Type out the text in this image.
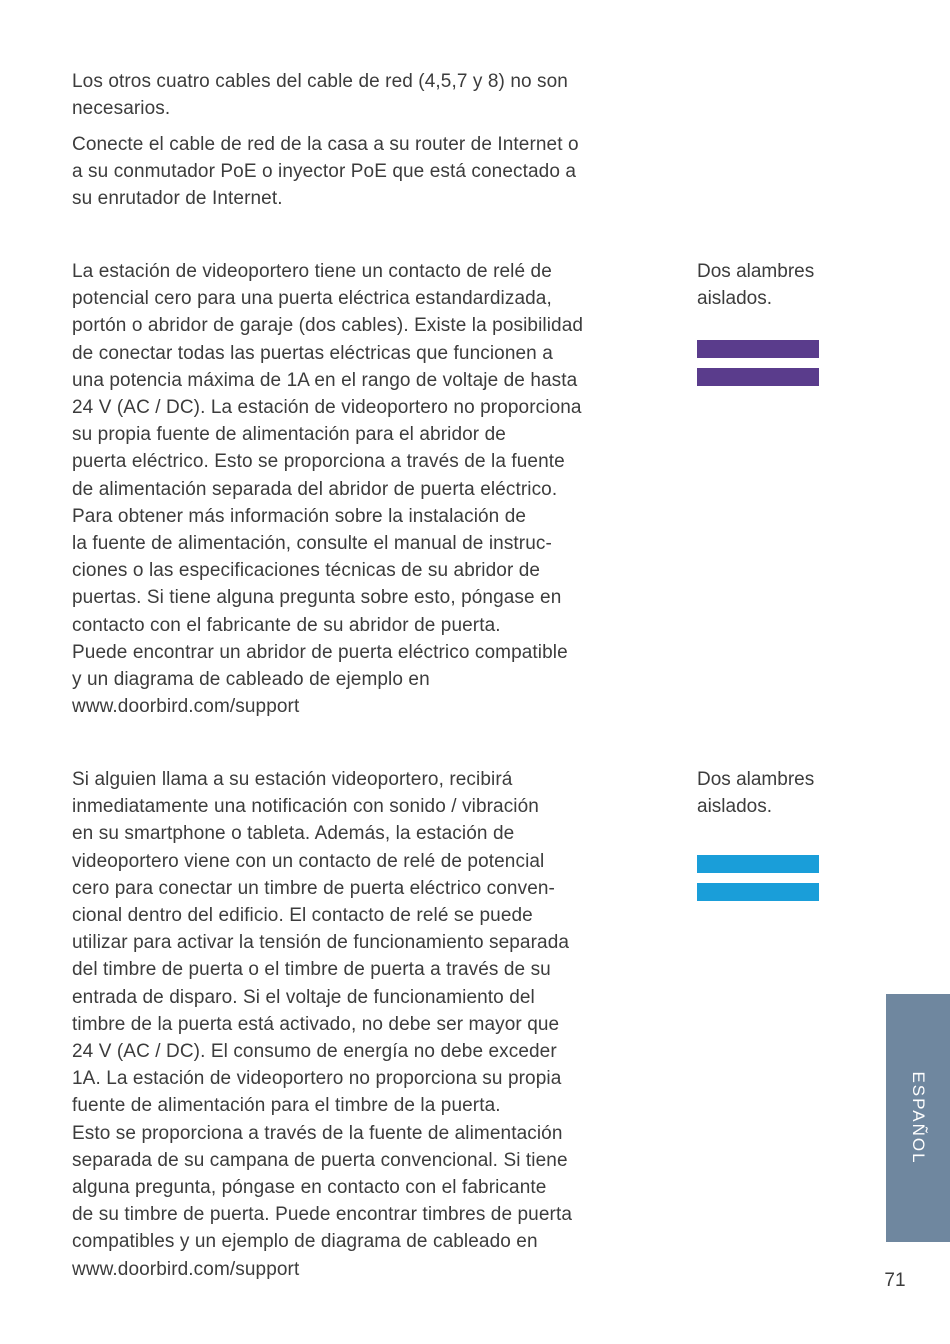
Los otros cuatro cables del cable de red (4,5,7 y 8) no son
necesarios.

Conecte el cable de red de la casa a su router de Internet o
a su conmutador PoE o inyector PoE que está conectado a
su enrutador de Internet.

La estación de videoportero tiene un contacto de relé de
potencial cero para una puerta eléctrica estandardizada,
portón o abridor de garaje (dos cables). Existe la posibilidad
de conectar todas las puertas eléctricas que funcionen a
una potencia máxima de 1A en el rango de voltaje de hasta
24 V (AC / DC). La estación de videoportero no proporciona
su propia fuente de alimentación para el abridor de
puerta eléctrico. Esto se proporciona a través de la fuente
de alimentación separada del abridor de puerta eléctrico.
Para obtener más información sobre la instalación de
la fuente de alimentación, consulte el manual de instruc-
ciones o las especificaciones técnicas de su abridor de
puertas. Si tiene alguna pregunta sobre esto, póngase en
contacto con el fabricante de su abridor de puerta.
Puede encontrar un abridor de puerta eléctrico compatible
y un diagrama de cableado de ejemplo en
www.doorbird.com/support

Dos alambres
aislados.

Si alguien llama a su estación videoportero, recibirá
inmediatamente una notificación con sonido / vibración
en su smartphone o tableta. Además, la estación de
videoportero viene con un contacto de relé de potencial
cero para conectar un timbre de puerta eléctrico conven-
cional dentro del edificio. El contacto de relé se puede
utilizar para activar la tensión de funcionamiento separada
del timbre de puerta o el timbre de puerta a través de su
entrada de disparo. Si el voltaje de funcionamiento del
timbre de la puerta está activado, no debe ser mayor que
24 V (AC / DC). El consumo de energía no debe exceder
1A. La estación de videoportero no proporciona su propia
fuente de alimentación para el timbre de la puerta.
Esto se proporciona a través de la fuente de alimentación
separada de su campana de puerta convencional. Si tiene
alguna pregunta, póngase en contacto con el fabricante
de su timbre de puerta. Puede encontrar timbres de puerta
compatibles y un ejemplo de diagrama de cableado en
www.doorbird.com/support

Dos alambres
aislados.

ESPAÑOL
71
